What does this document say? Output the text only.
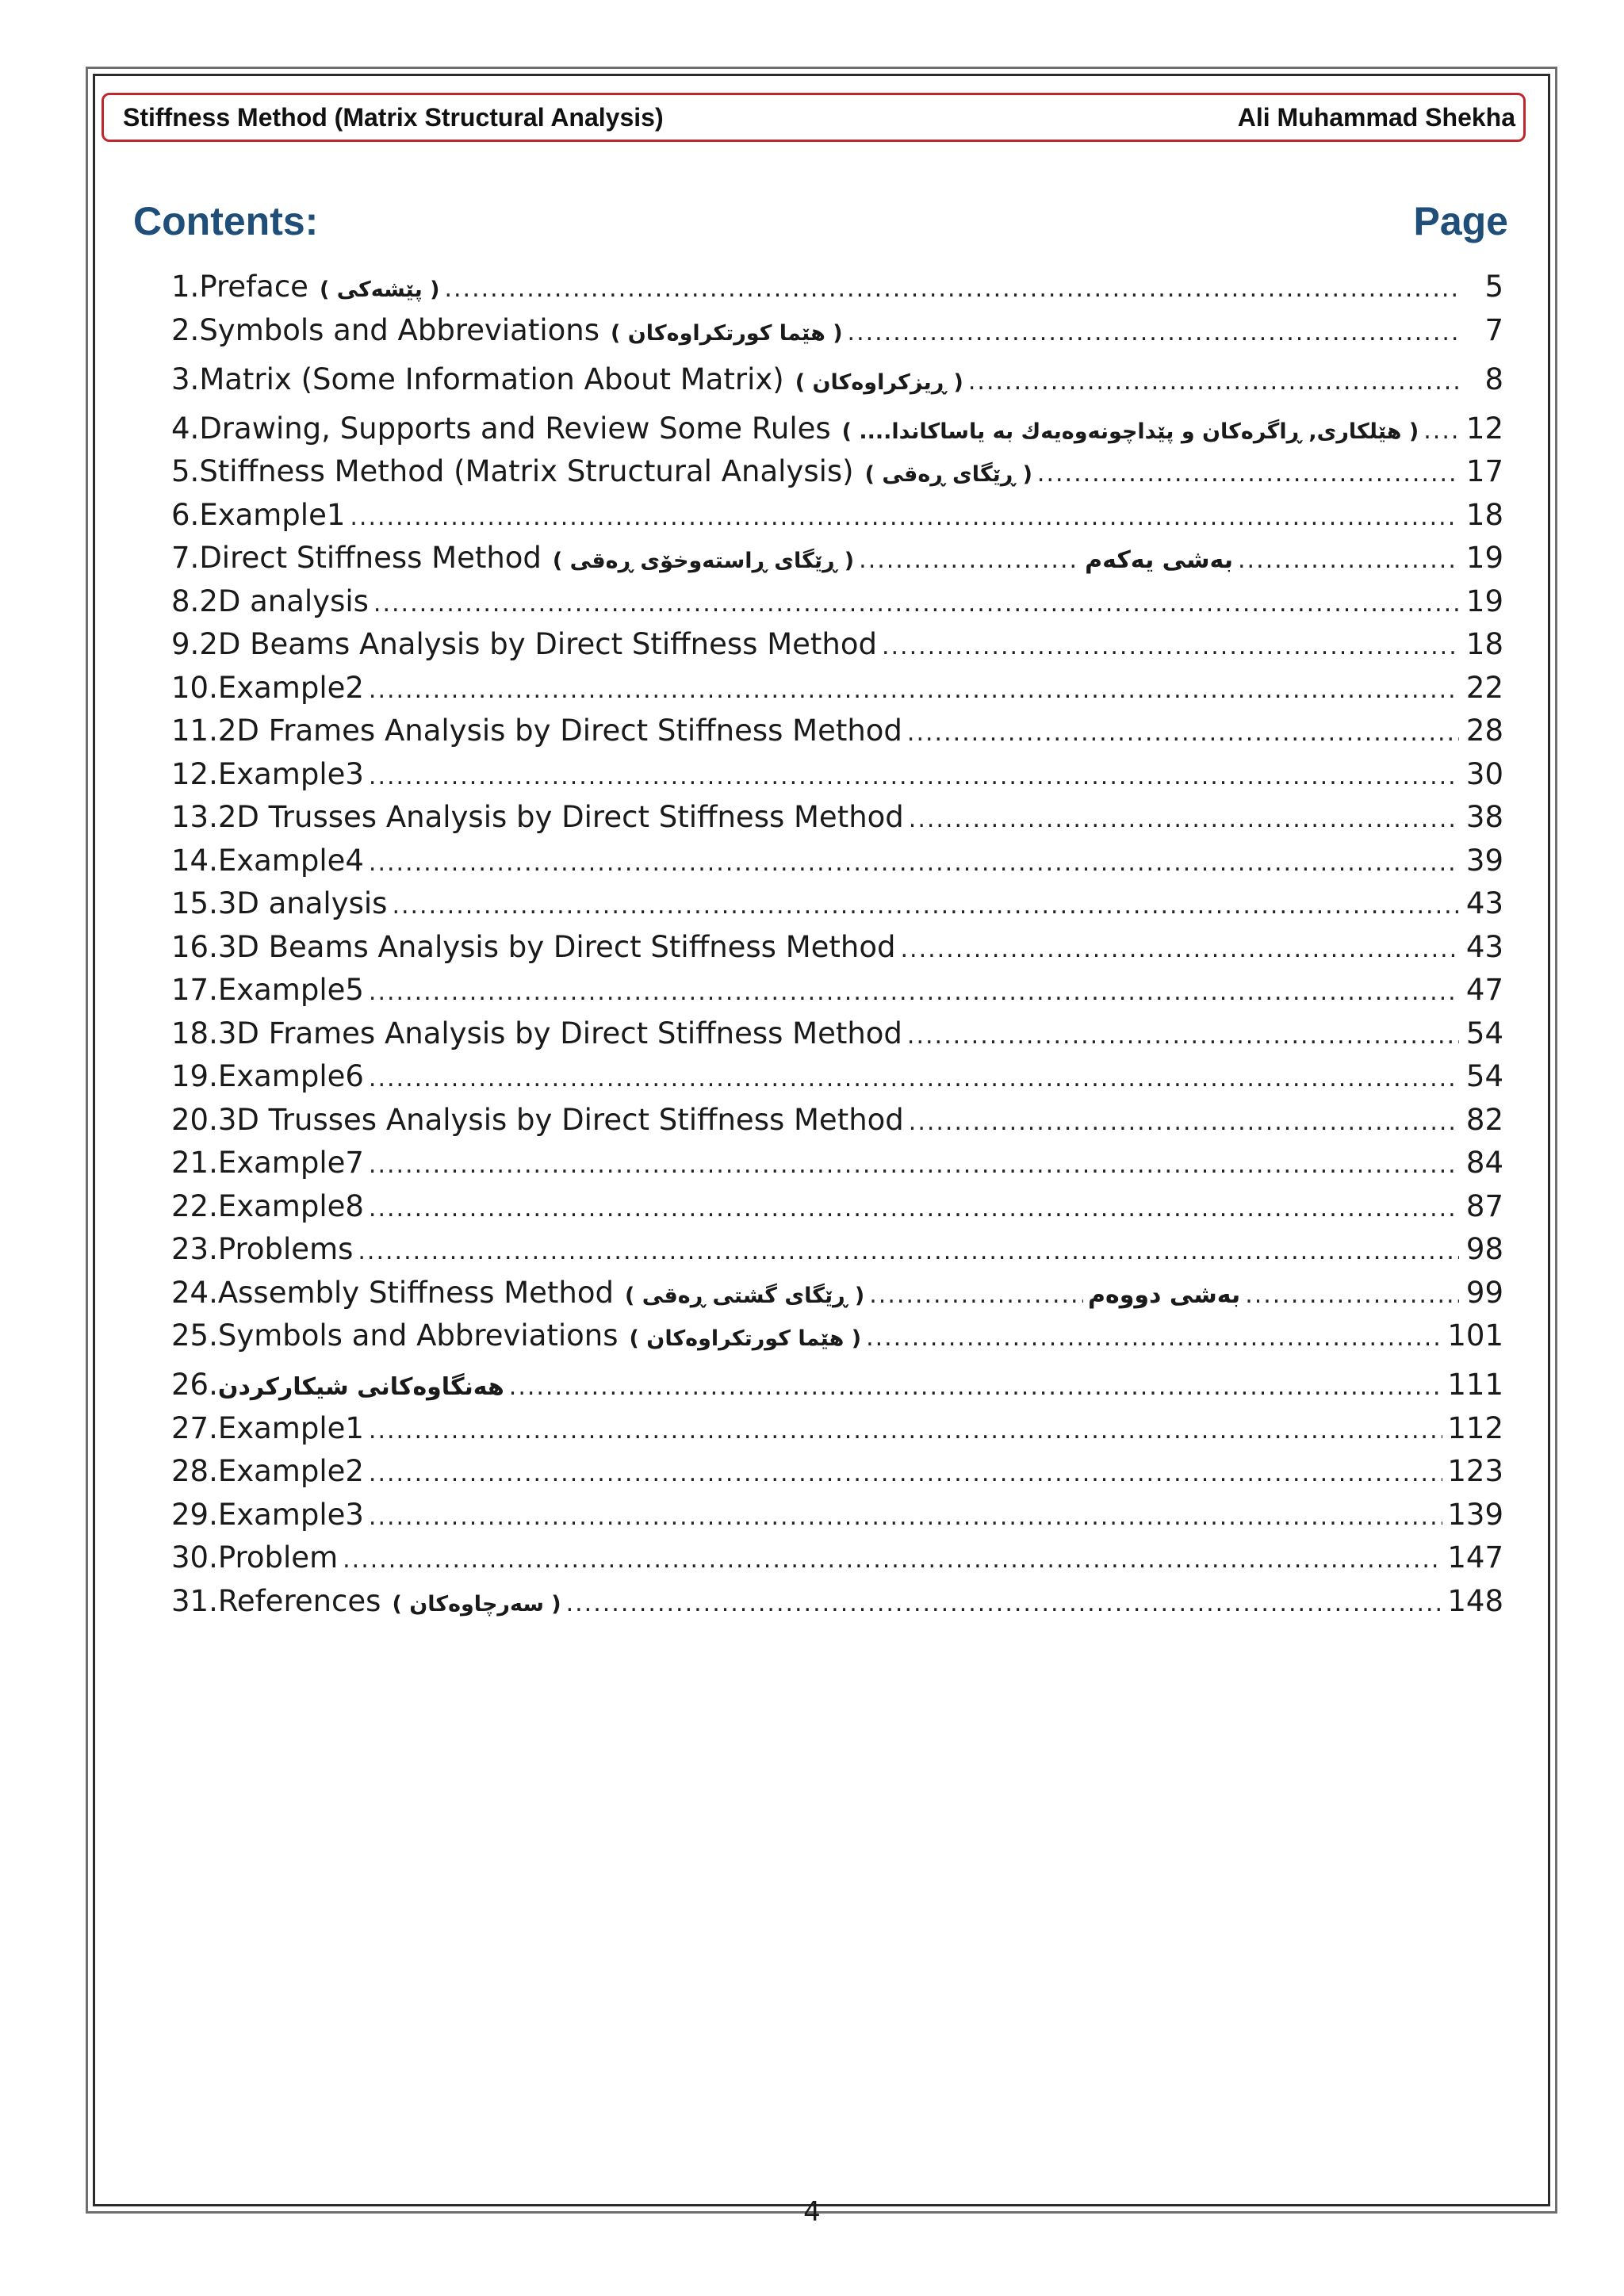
Stiffness Method (Matrix Structural Analysis)	Ali Muhammad Shekha
Contents:	Page
1. Preface ( پێشەکی ) .....	5
2. Symbols and Abbreviations ( هێما کورتکراوەکان ) .....	7
3. Matrix (Some Information About Matrix) ( ڕیزکراوەکان ) .....	8
4. Drawing, Supports and Review Some Rules ( هێلکاری, ڕاگرەکان و پێداچونەوەیەك بە یاساکاندا.... ) ..... 12
5. Stiffness Method (Matrix Structural Analysis) ( ڕێگای ڕەقی ) .....	17
6. Example1 .....	18
7. Direct Stiffness Method ( ڕێگای ڕاستەوخۆی ڕەقی ) .....	بەشی یەکەم .....	19
8. 2D analysis .....	19
9. 2D Beams Analysis by Direct Stiffness Method .....	18
10. Example2 .....	22
11. 2D Frames Analysis by Direct Stiffness Method .....	28
12. Example3 .....	30
13. 2D Trusses Analysis by Direct Stiffness Method .....	38
14. Example4 .....	39
15. 3D analysis .....	43
16. 3D Beams Analysis by Direct Stiffness Method .....	43
17. Example5 .....	47
18. 3D Frames Analysis by Direct Stiffness Method .....	54
19. Example6 .....	54
20. 3D Trusses Analysis by Direct Stiffness Method .....	82
21. Example7 .....	84
22. Example8 .....	87
23. Problems .....	98
24. Assembly Stiffness Method ( ڕێگای گشتی ڕەقی ) .....	بەشی دووەم .....	99
25. Symbols and Abbreviations ( هێما کورتکراوەکان ) .....	101
26. هەنگاوەکانی شیکارکردن .....	111
27. Example1 .....	112
28. Example2 .....	123
29. Example3 .....	139
30. Problem .....	147
31. References ( سەرچاوەکان ) .....	148
4
